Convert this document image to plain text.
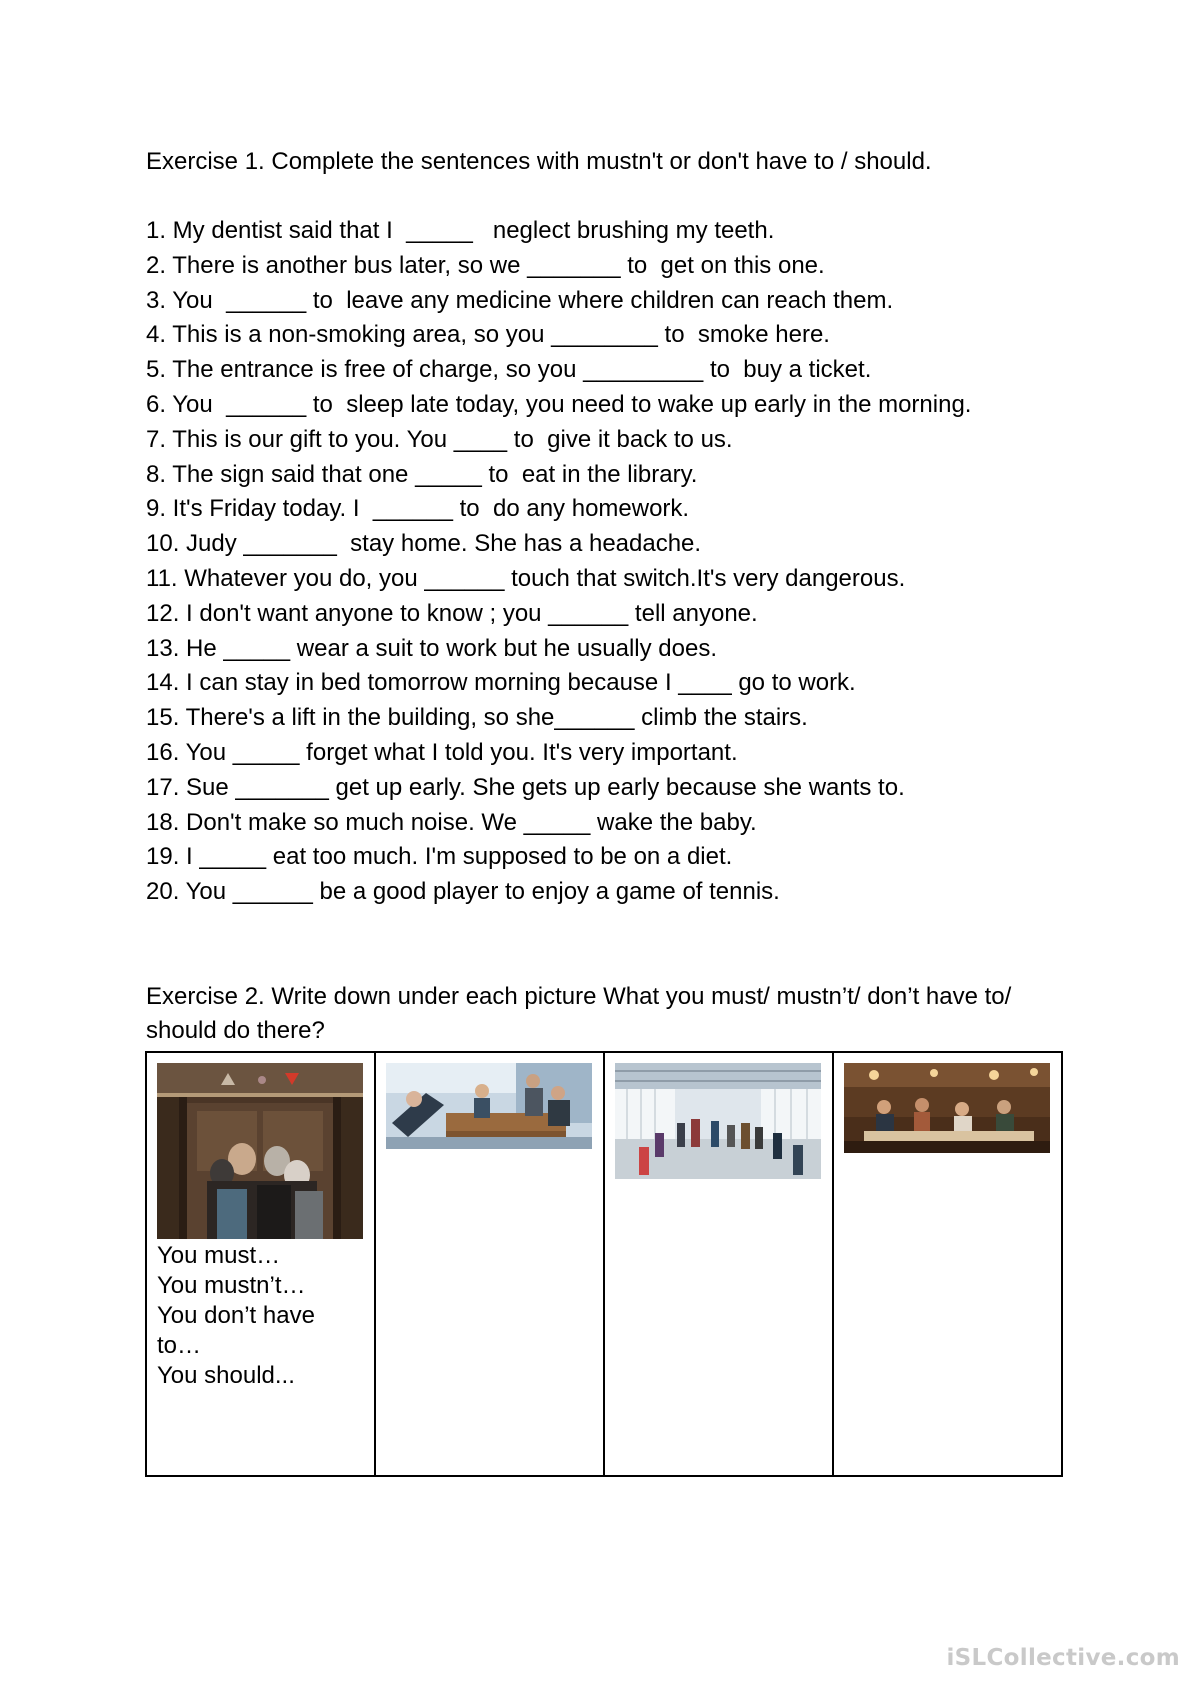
Exercise 1. Complete the sentences with mustn't or don't have to / should.
1. My dentist said that I  _____   neglect brushing my teeth.
2. There is another bus later, so we _______ to  get on this one.
3. You  ______ to  leave any medicine where children can reach them.
4. This is a non-smoking area, so you ________ to  smoke here.
5. The entrance is free of charge, so you _________ to  buy a ticket.
6. You  ______ to  sleep late today, you need to wake up early in the morning.
7. This is our gift to you. You ____ to  give it back to us.
8. The sign said that one _____ to  eat in the library.
9. It's Friday today. I  ______ to  do any homework.
10. Judy _______  stay home. She has a headache.
11. Whatever you do, you ______ touch that switch.It's very dangerous.
12. I don't want anyone to know ; you ______ tell anyone.
13. He _____ wear a suit to work but he usually does.
14. I can stay in bed tomorrow morning because I ____ go to work.
15. There's a lift in the building, so she______ climb the stairs.
16. You _____ forget what I told you. It's very important.
17. Sue _______ get up early. She gets up early because she wants to.
18. Don't make so much noise. We _____ wake the baby.
19. I _____ eat too much. I'm supposed to be on a diet.
20. You ______ be a good player to enjoy a game of tennis.
Exercise 2. Write down under each picture What you must/ mustn’t/ don’t have to/ should do there?
You must…
You mustn’t…
You don’t have
to…
You should...

iSLCollective.com
